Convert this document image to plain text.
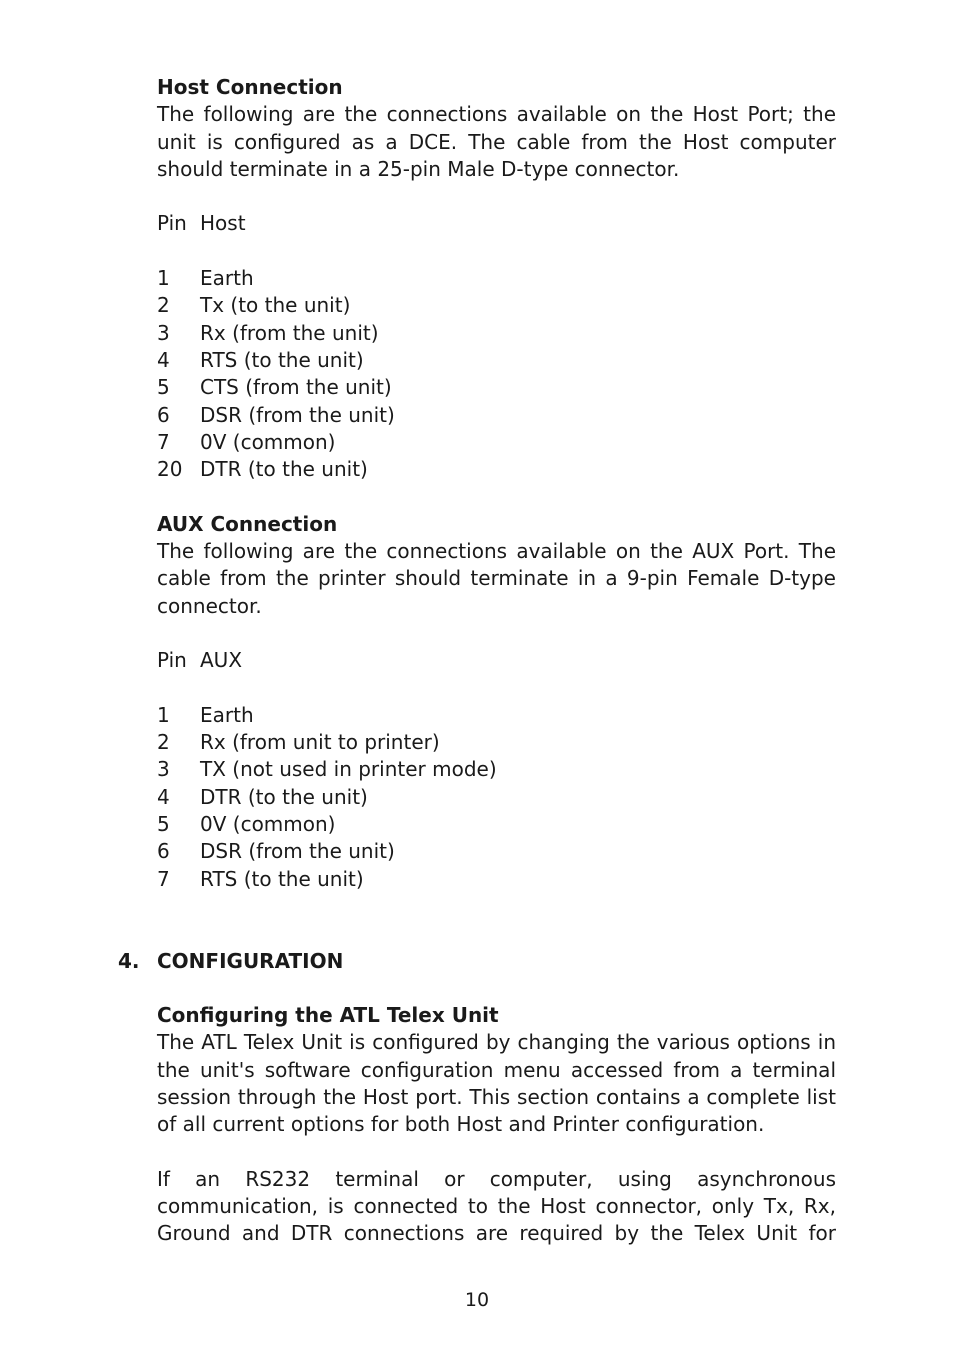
Host Connection
The following are the connections available on the Host Port; the unit is configured as a DCE. The cable from the Host computer should terminate in a 25-pin Male D-type connector.
Pin Host
1	Earth
2	Tx (to the unit)
3	Rx (from the unit)
4	RTS (to the unit)
5	CTS (from the unit)
6	DSR (from the unit)
7	0V (common)
20 DTR (to the unit)
AUX Connection
The following are the connections available on the AUX Port. The cable from the printer should terminate in a 9-pin Female D-type connector.
Pin AUX
1	Earth
2	Rx (from unit to printer)
3	TX (not used in printer mode)
4	DTR (to the unit)
5	0V (common)
6	DSR (from the unit)
7	RTS (to the unit)
4. CONFIGURATION
Configuring the ATL Telex Unit
The ATL Telex Unit is configured by changing the various options in the unit's software configuration menu accessed from a terminal session through the Host port. This section contains a complete list of all current options for both Host and Printer configuration.
If an RS232 terminal or computer, using asynchronous communication, is connected to the Host connector, only Tx, Rx, Ground and DTR connections are required by the Telex Unit for
10
